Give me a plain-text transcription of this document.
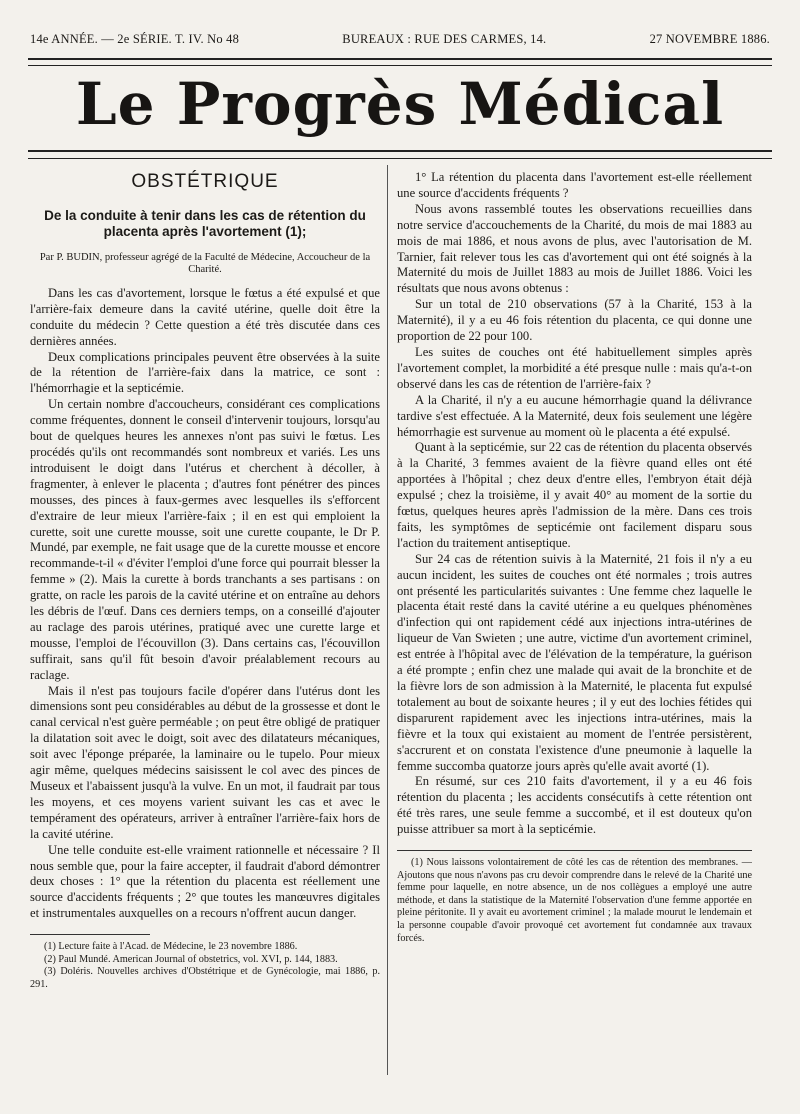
14e ANNÉE. — 2e SÉRIE. T. IV. No 48	BUREAUX : RUE DES CARMES, 14.	27 NOVEMBRE 1886.
Le Progrès Médical
OBSTÉTRIQUE
De la conduite à tenir dans les cas de rétention du placenta après l'avortement (1);
Par P. BUDIN, professeur agrégé de la Faculté de Médecine, Accoucheur de la Charité.

Dans les cas d'avortement, lorsque le fœtus a été expulsé et que l'arrière-faix demeure dans la cavité utérine, quelle doit être la conduite du médecin ? Cette question a été très discutée dans ces dernières années.

Deux complications principales peuvent être observées à la suite de la rétention de l'arrière-faix dans la matrice, ce sont : l'hémorrhagie et la septicémie.

Un certain nombre d'accoucheurs, considérant ces complications comme fréquentes, donnent le conseil d'intervenir toujours, lorsqu'au bout de quelques heures les annexes n'ont pas suivi le fœtus. Les procédés qu'ils ont recommandés sont nombreux et variés. Les uns introduisent le doigt dans l'utérus et cherchent à décoller, à fragmenter, à enlever le placenta ; d'autres font pénétrer des pinces mousses, des pinces à faux-germes avec lesquelles ils s'efforcent d'extraire de leur mieux l'arrière-faix ; il en est qui emploient la curette, soit une curette mousse, soit une curette coupante, le Dr P. Mundé, par exemple, ne fait usage que de la curette mousse et encore recommande-t-il « d'éviter l'emploi d'une force qui pourrait blesser la femme » (2). Mais la curette à bords tranchants a ses partisans : on gratte, on racle les parois de la cavité utérine et on entraîne au dehors les débris de l'œuf. Dans ces derniers temps, on a conseillé d'ajouter au raclage des parois utérines, pratiqué avec une curette large et mousse, l'emploi de l'écouvillon (3). Dans certains cas, l'écouvillon suffirait, sans qu'il fût besoin d'avoir préalablement recours au raclage.

Mais il n'est pas toujours facile d'opérer dans l'utérus dont les dimensions sont peu considérables au début de la grossesse et dont le canal cervical n'est guère perméable ; on peut être obligé de pratiquer la dilatation soit avec le doigt, soit avec des dilatateurs mécaniques, soit avec l'éponge préparée, la laminaire ou le tupelo. Pour mieux agir même, quelques médecins saisissent le col avec des pinces de Museux et l'abaissent jusqu'à la vulve. En un mot, il faudrait par tous les moyens, et ces moyens varient suivant les cas et avec le tempérament des opérateurs, arriver à entraîner l'arrière-faix hors de la cavité utérine.

Une telle conduite est-elle vraiment rationnelle et nécessaire ? Il nous semble que, pour la faire accepter, il faudrait d'abord démontrer deux choses : 1° que la rétention du placenta est réellement une source d'accidents fréquents ; 2° que toutes les manœuvres digitales et instrumentales auxquelles on a recours n'offrent aucun danger.

(1) Lecture faite à l'Acad. de Médecine, le 23 novembre 1886.

(2) Paul Mundé. American Journal of obstetrics, vol. XVI, p. 144, 1883.

(3) Doléris. Nouvelles archives d'Obstétrique et de Gynécologie, mai 1886, p. 291.

1° La rétention du placenta dans l'avortement est-elle réellement une source d'accidents fréquents ?

Nous avons rassemblé toutes les observations recueillies dans notre service d'accouchements de la Charité, du mois de mai 1883 au mois de mai 1886, et nous avons de plus, avec l'autorisation de M. Tarnier, fait relever tous les cas d'avortement qui ont été soignés à la Maternité du mois de Juillet 1883 au mois de Juillet 1886. Voici les résultats que nous avons obtenus :

Sur un total de 210 observations (57 à la Charité, 153 à la Maternité), il y a eu 46 fois rétention du placenta, ce qui donne une proportion de 22 pour 100.

Les suites de couches ont été habituellement simples après l'avortement complet, la morbidité a été presque nulle : mais qu'a-t-on observé dans les cas de rétention de l'arrière-faix ?

A la Charité, il n'y a eu aucune hémorrhagie quand la délivrance tardive s'est effectuée. A la Maternité, deux fois seulement une légère hémorrhagie est survenue au moment où le placenta a été expulsé.

Quant à la septicémie, sur 22 cas de rétention du placenta observés à la Charité, 3 femmes avaient de la fièvre quand elles ont été apportées à l'hôpital ; chez deux d'entre elles, l'embryon était déjà expulsé ; chez la troisième, il y avait 40° au moment de la sortie du fœtus, quelques heures après l'admission de la mère. Dans ces trois faits, les symptômes de septicémie ont facilement disparu sous l'action du traitement antiseptique.

Sur 24 cas de rétention suivis à la Maternité, 21 fois il n'y a eu aucun incident, les suites de couches ont été normales ; trois autres ont présenté les particularités suivantes : Une femme chez laquelle le placenta était resté dans la cavité utérine a eu quelques phénomènes d'infection qui ont rapidement cédé aux injections intra-utérines de liqueur de Van Swieten ; une autre, victime d'un avortement criminel, est entrée à l'hôpital avec de l'élévation de la température, la guérison a été prompte ; enfin chez une malade qui avait de la bronchite et de la fièvre lors de son admission à la Maternité, le placenta fut expulsé totalement au bout de soixante heures ; il y eut des lochies fétides qui disparurent rapidement avec les injections intra-utérines, mais la fièvre et la toux qui existaient au moment de l'entrée persistèrent, s'accrurent et on constata l'existence d'une pneumonie à laquelle la femme succomba quatorze jours après qu'elle avait avorté (1).

En résumé, sur ces 210 faits d'avortement, il y a eu 46 fois rétention du placenta ; les accidents consécutifs à cette rétention ont été très rares, une seule femme a succombé, et il est douteux qu'on puisse attribuer sa mort à la septicémie.

(1) Nous laissons volontairement de côté les cas de rétention des membranes. — Ajoutons que nous n'avons pas cru devoir comprendre dans le relevé de la Charité une femme pour laquelle, en notre absence, un de nos collègues a employé une autre méthode, et dans la statistique de la Maternité l'observation d'une femme apportée en pleine péritonite. Il y avait eu avortement criminel ; la malade mourut le lendemain et la personne coupable d'avoir provoqué cet avortement fut condamnée aux travaux forcés.
